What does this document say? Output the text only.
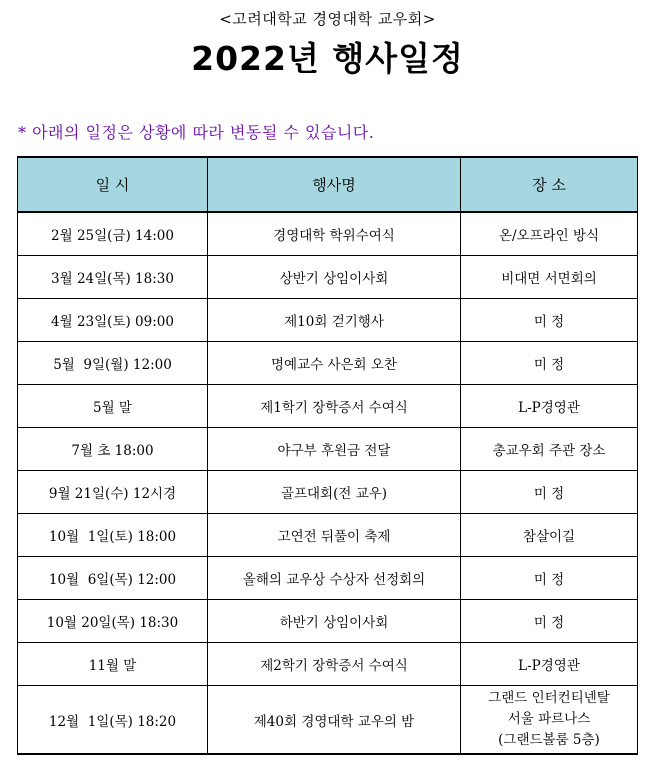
<고려대학교 경영대학 교우회>
2022년 행사일정
* 아래의 일정은 상황에 따라 변동될 수 있습니다.
일 시	행사명	장 소
2월 25일(금) 14:00	경영대학 학위수여식	온/오프라인 방식
3월 24일(목) 18:30	상반기 상임이사회	비대면 서면회의
4월 23일(토) 09:00	제10회 걷기행사	미 정
5월  9일(월) 12:00	명예교수 사은회 오찬	미 정
5월 말	제1학기 장학증서 수여식	L-P경영관
7월 초 18:00	야구부 후원금 전달	총교우회 주관 장소
9월 21일(수) 12시경	골프대회(전 교우)	미 정
10월  1일(토) 18:00	고연전 뒤풀이 축제	참살이길
10월  6일(목) 12:00	올해의 교우상 수상자 선정회의	미 정
10월 20일(목) 18:30	하반기 상임이사회	미 정
11월 말	제2학기 장학증서 수여식	L-P경영관
12월  1일(목) 18:20	제40회 경영대학 교우의 밤	그랜드 인터컨티넨탈
서울 파르나스
(그랜드볼룸 5층)
